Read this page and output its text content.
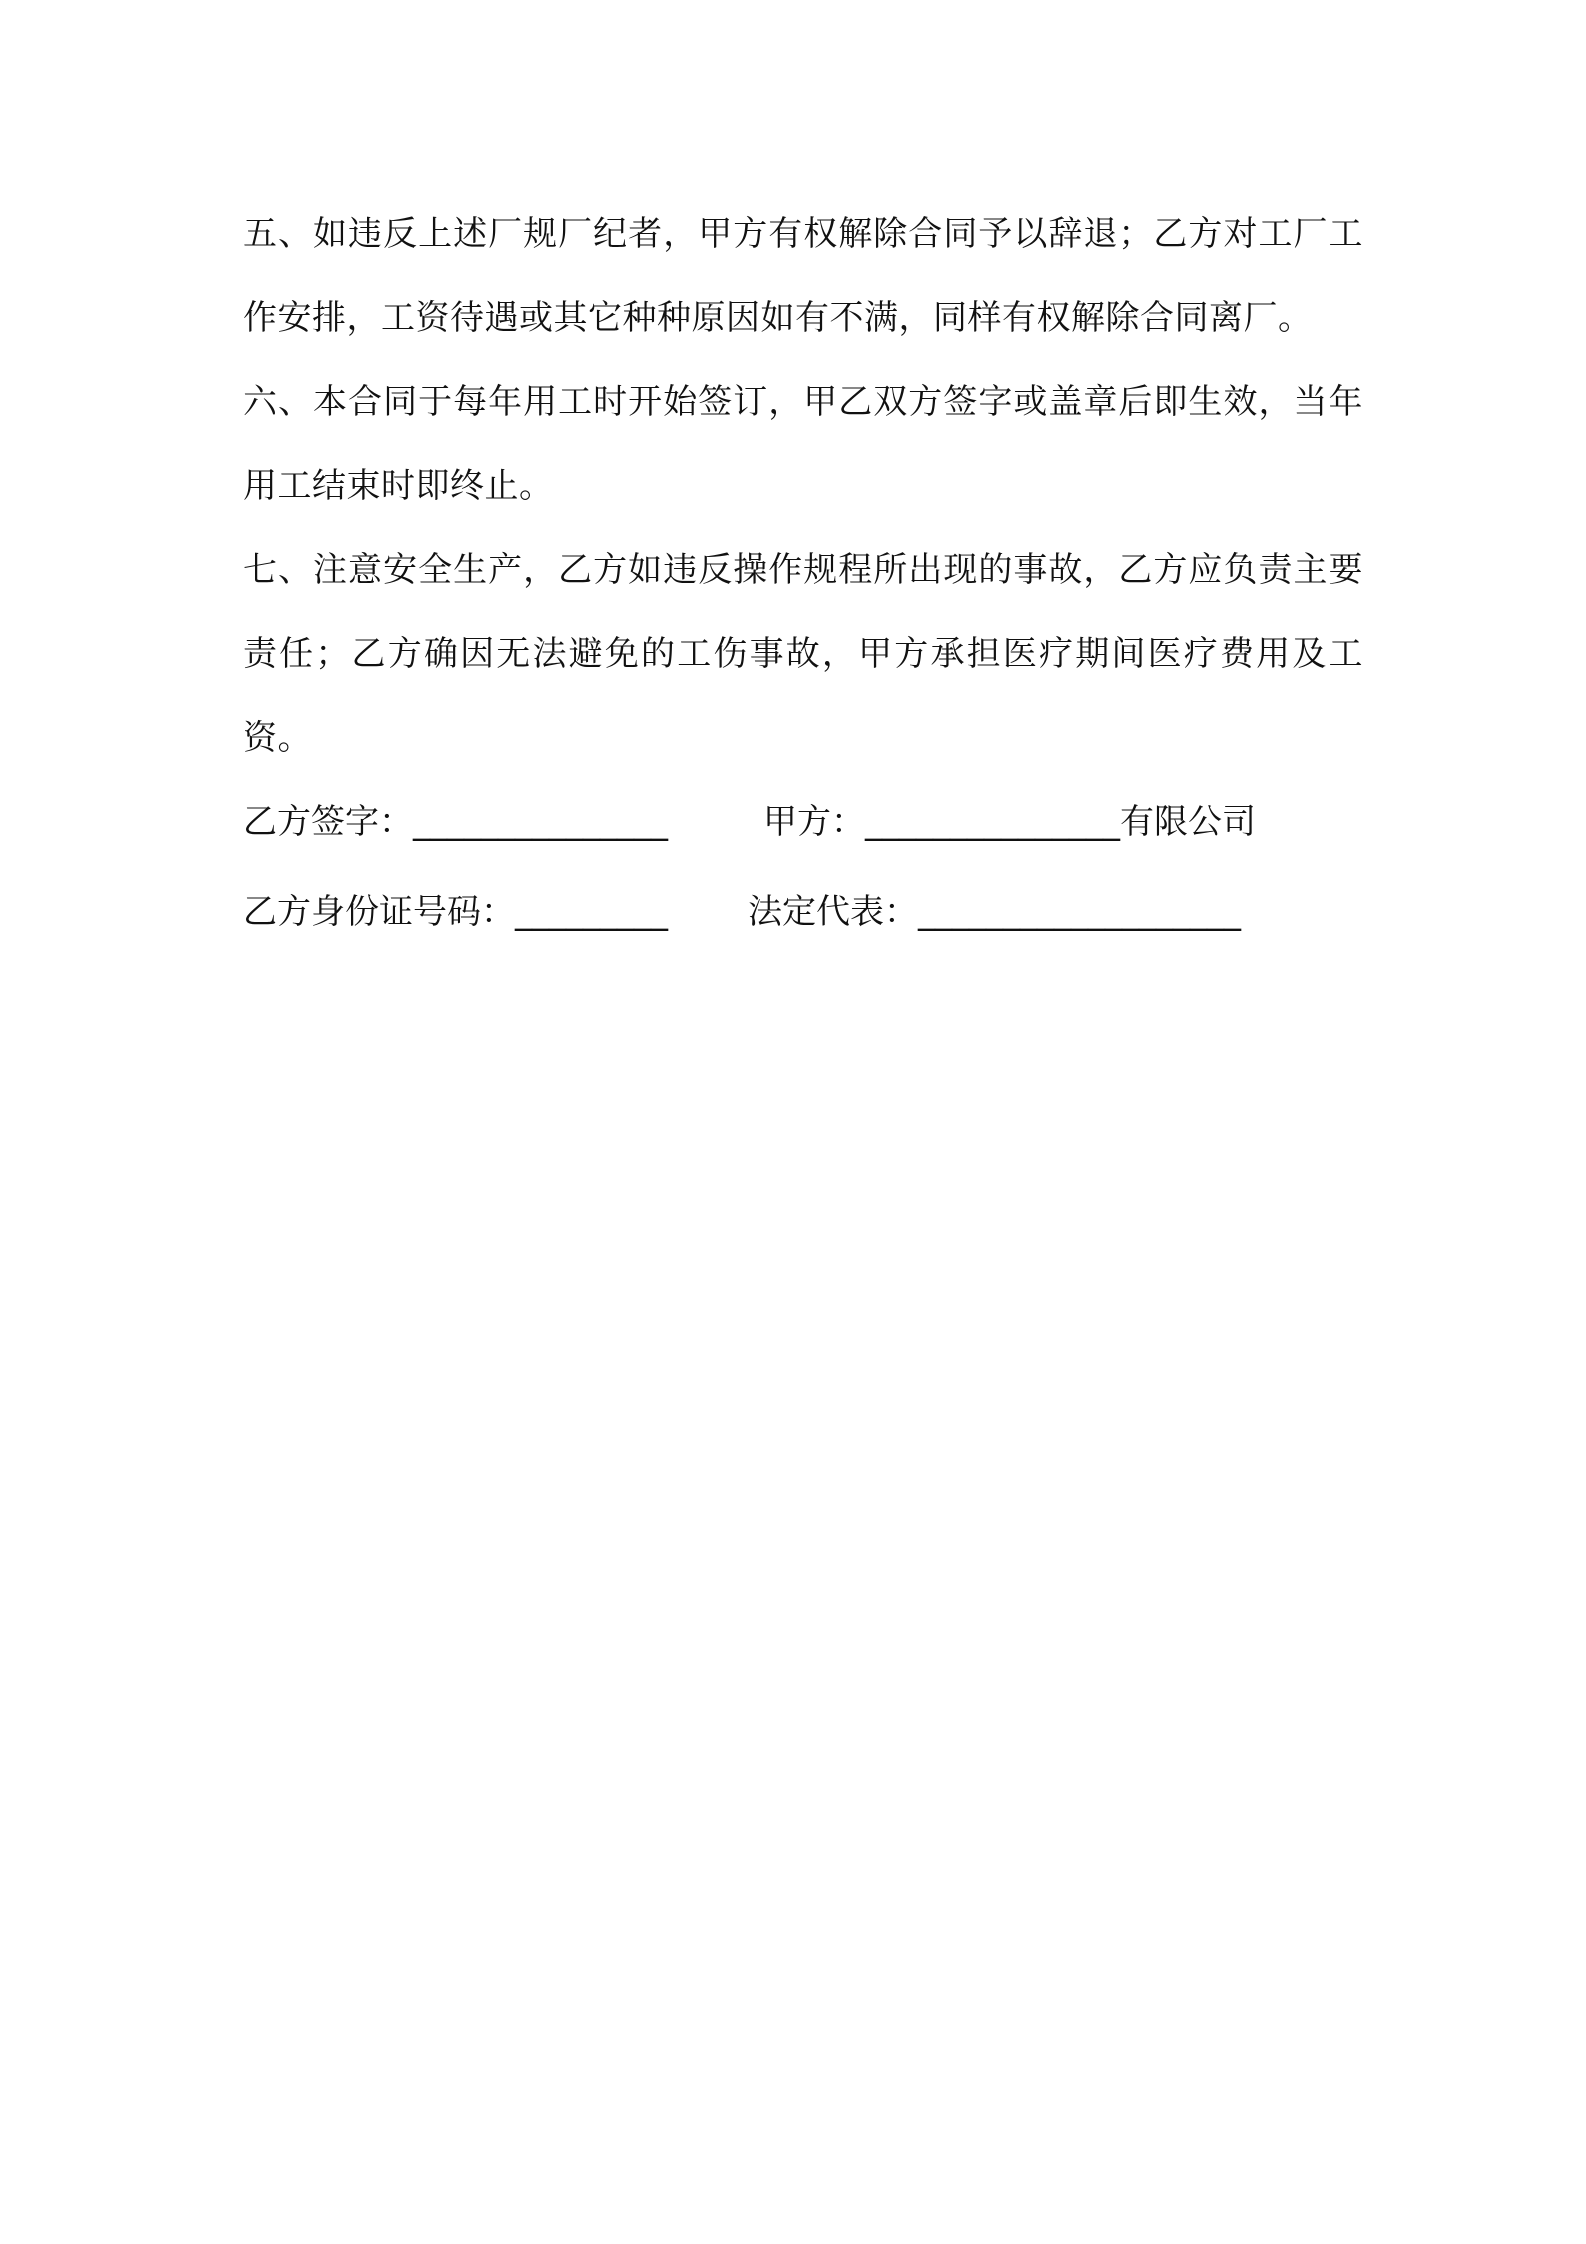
五、如违反上述厂规厂纪者，甲方有权解除合同予以辞退；乙方对工厂工作安排，工资待遇或其它种种原因如有不满，同样有权解除合同离厂。

六、本合同于每年用工时开始签订，甲乙双方签字或盖章后即生效，当年用工结束时即终止。

七、注意安全生产，乙方如违反操作规程所出现的事故，乙方应负责主要责任；乙方确因无法避免的工伤事故，甲方承担医疗期间医疗费用及工资。

乙方签字：_______________	甲方：_______________有限公司
乙方身份证号码：_________ 法定代表：___________________
